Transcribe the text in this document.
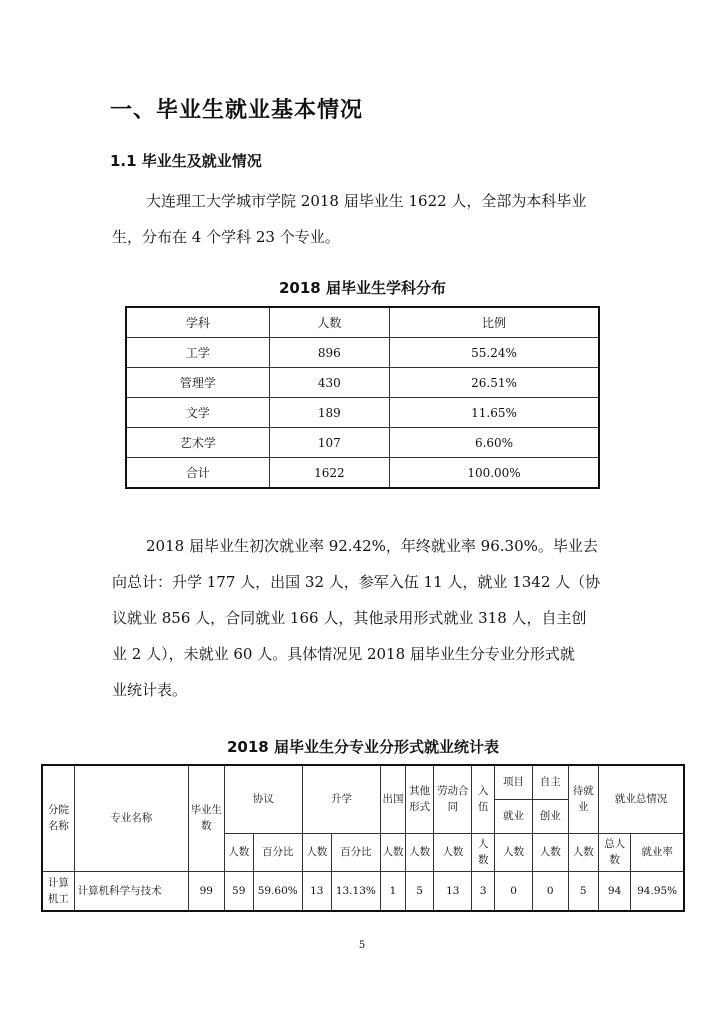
一、毕业生就业基本情况
1.1 毕业生及就业情况
大连理工大学城市学院 2018 届毕业生 1622 人，全部为本科毕业
生，分布在 4 个学科 23 个专业。
2018 届毕业生学科分布
学科	人数	比例
工学	896	55.24%
管理学	430	26.51%
文学	189	11.65%
艺术学	107	6.60%
合计	1622	100.00%
2018 届毕业生初次就业率 92.42%，年终就业率 96.30%。毕业去
向总计：升学 177 人，出国 32 人，参军入伍 11 人，就业 1342 人（协
议就业 856 人，合同就业 166 人，其他录用形式就业 318 人，自主创
业 2 人），未就业 60 人。具体情况见 2018 届毕业生分专业分形式就
业统计表。
2018 届毕业生分专业分形式就业统计表
分院名称	专业名称	毕业生数	协议		升学		出国	其他形式	劳动合同	入伍	项目	自主	待就业	就业总情况	
											就业	创业			
			人数	百分比	人数	百分比	人数	人数	人数	人数	人数	人数	人数	总人数	就业率
计算机工	计算机科学与技术	99	59	59.60%	13	13.13%	1	5	13	3	0	0	5	94	94.95%
5
